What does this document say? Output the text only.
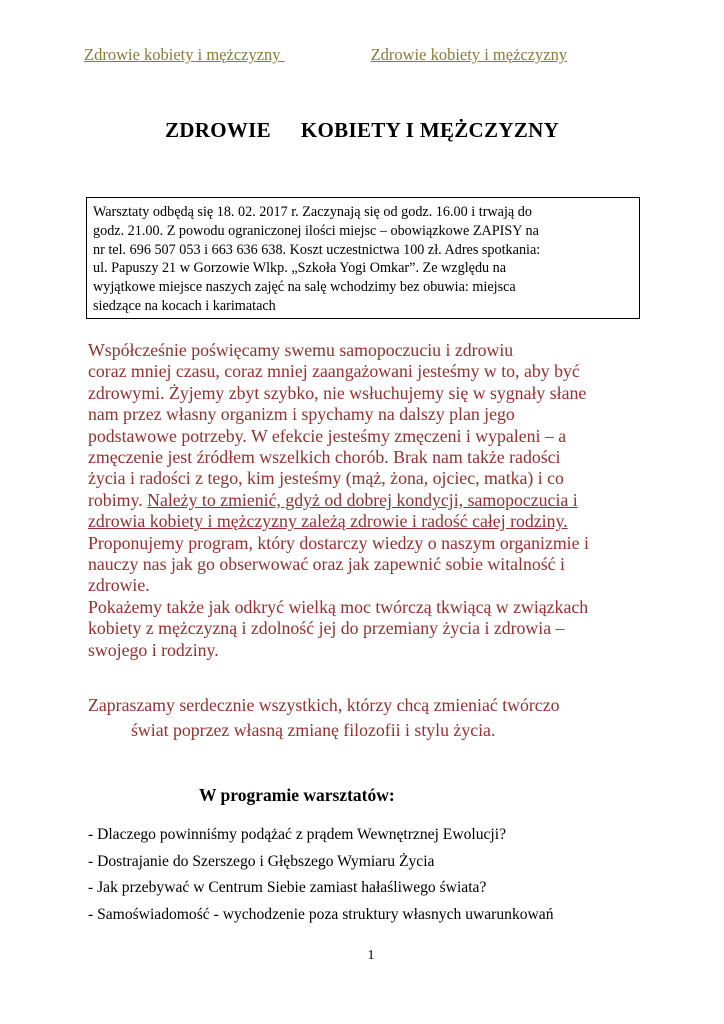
Zdrowie kobiety i mężczyzny	Zdrowie kobiety i mężczyzny
ZDROWIE KOBIETY I MĘŻCZYZNY
Warsztaty odbędą się 18. 02. 2017 r. Zaczynają się od godz. 16.00 i trwają do
godz. 21.00. Z powodu ograniczonej ilości miejsc – obowiązkowe ZAPISY na
nr tel. 696 507 053 i 663 636 638. Koszt uczestnictwa 100 zł. Adres spotkania:
ul. Papuszy 21 w Gorzowie Wlkp. „Szkoła Yogi Omkar”. Ze względu na
wyjątkowe miejsce naszych zajęć na salę wchodzimy bez obuwia: miejsca
siedzące na kocach i karimatach
Współcześnie poświęcamy swemu samopoczuciu i zdrowiu
coraz mniej czasu, coraz mniej zaangażowani jesteśmy w to, aby być
zdrowymi. Żyjemy zbyt szybko, nie wsłuchujemy się w sygnały słane
nam przez własny organizm i spychamy na dalszy plan jego
podstawowe potrzeby. W efekcie jesteśmy zmęczeni i wypaleni – a
zmęczenie jest źródłem wszelkich chorób. Brak nam także radości
życia i radości z tego, kim jesteśmy (mąż, żona, ojciec, matka) i co
robimy. Należy to zmienić, gdyż od dobrej kondycji, samopoczucia i
zdrowia kobiety i mężczyzny zależą zdrowie i radość całej rodziny.
Proponujemy program, który dostarczy wiedzy o naszym organizmie i
nauczy nas jak go obserwować oraz jak zapewnić sobie witalność i
zdrowie.
Pokażemy także jak odkryć wielką moc twórczą tkwiącą w związkach
kobiety z mężczyzną i zdolność jej do przemiany życia i zdrowia –
swojego i rodziny.
Zapraszamy serdecznie wszystkich, którzy chcą zmieniać twórczo
świat poprzez własną zmianę filozofii i stylu życia.
W programie warsztatów:
- Dlaczego powinniśmy podążać z prądem Wewnętrznej Ewolucji?
- Dostrajanie do Szerszego i Głębszego Wymiaru Życia
- Jak przebywać w Centrum Siebie zamiast hałaśliwego świata?
- Samoświadomość - wychodzenie poza struktury własnych uwarunkowań
1
